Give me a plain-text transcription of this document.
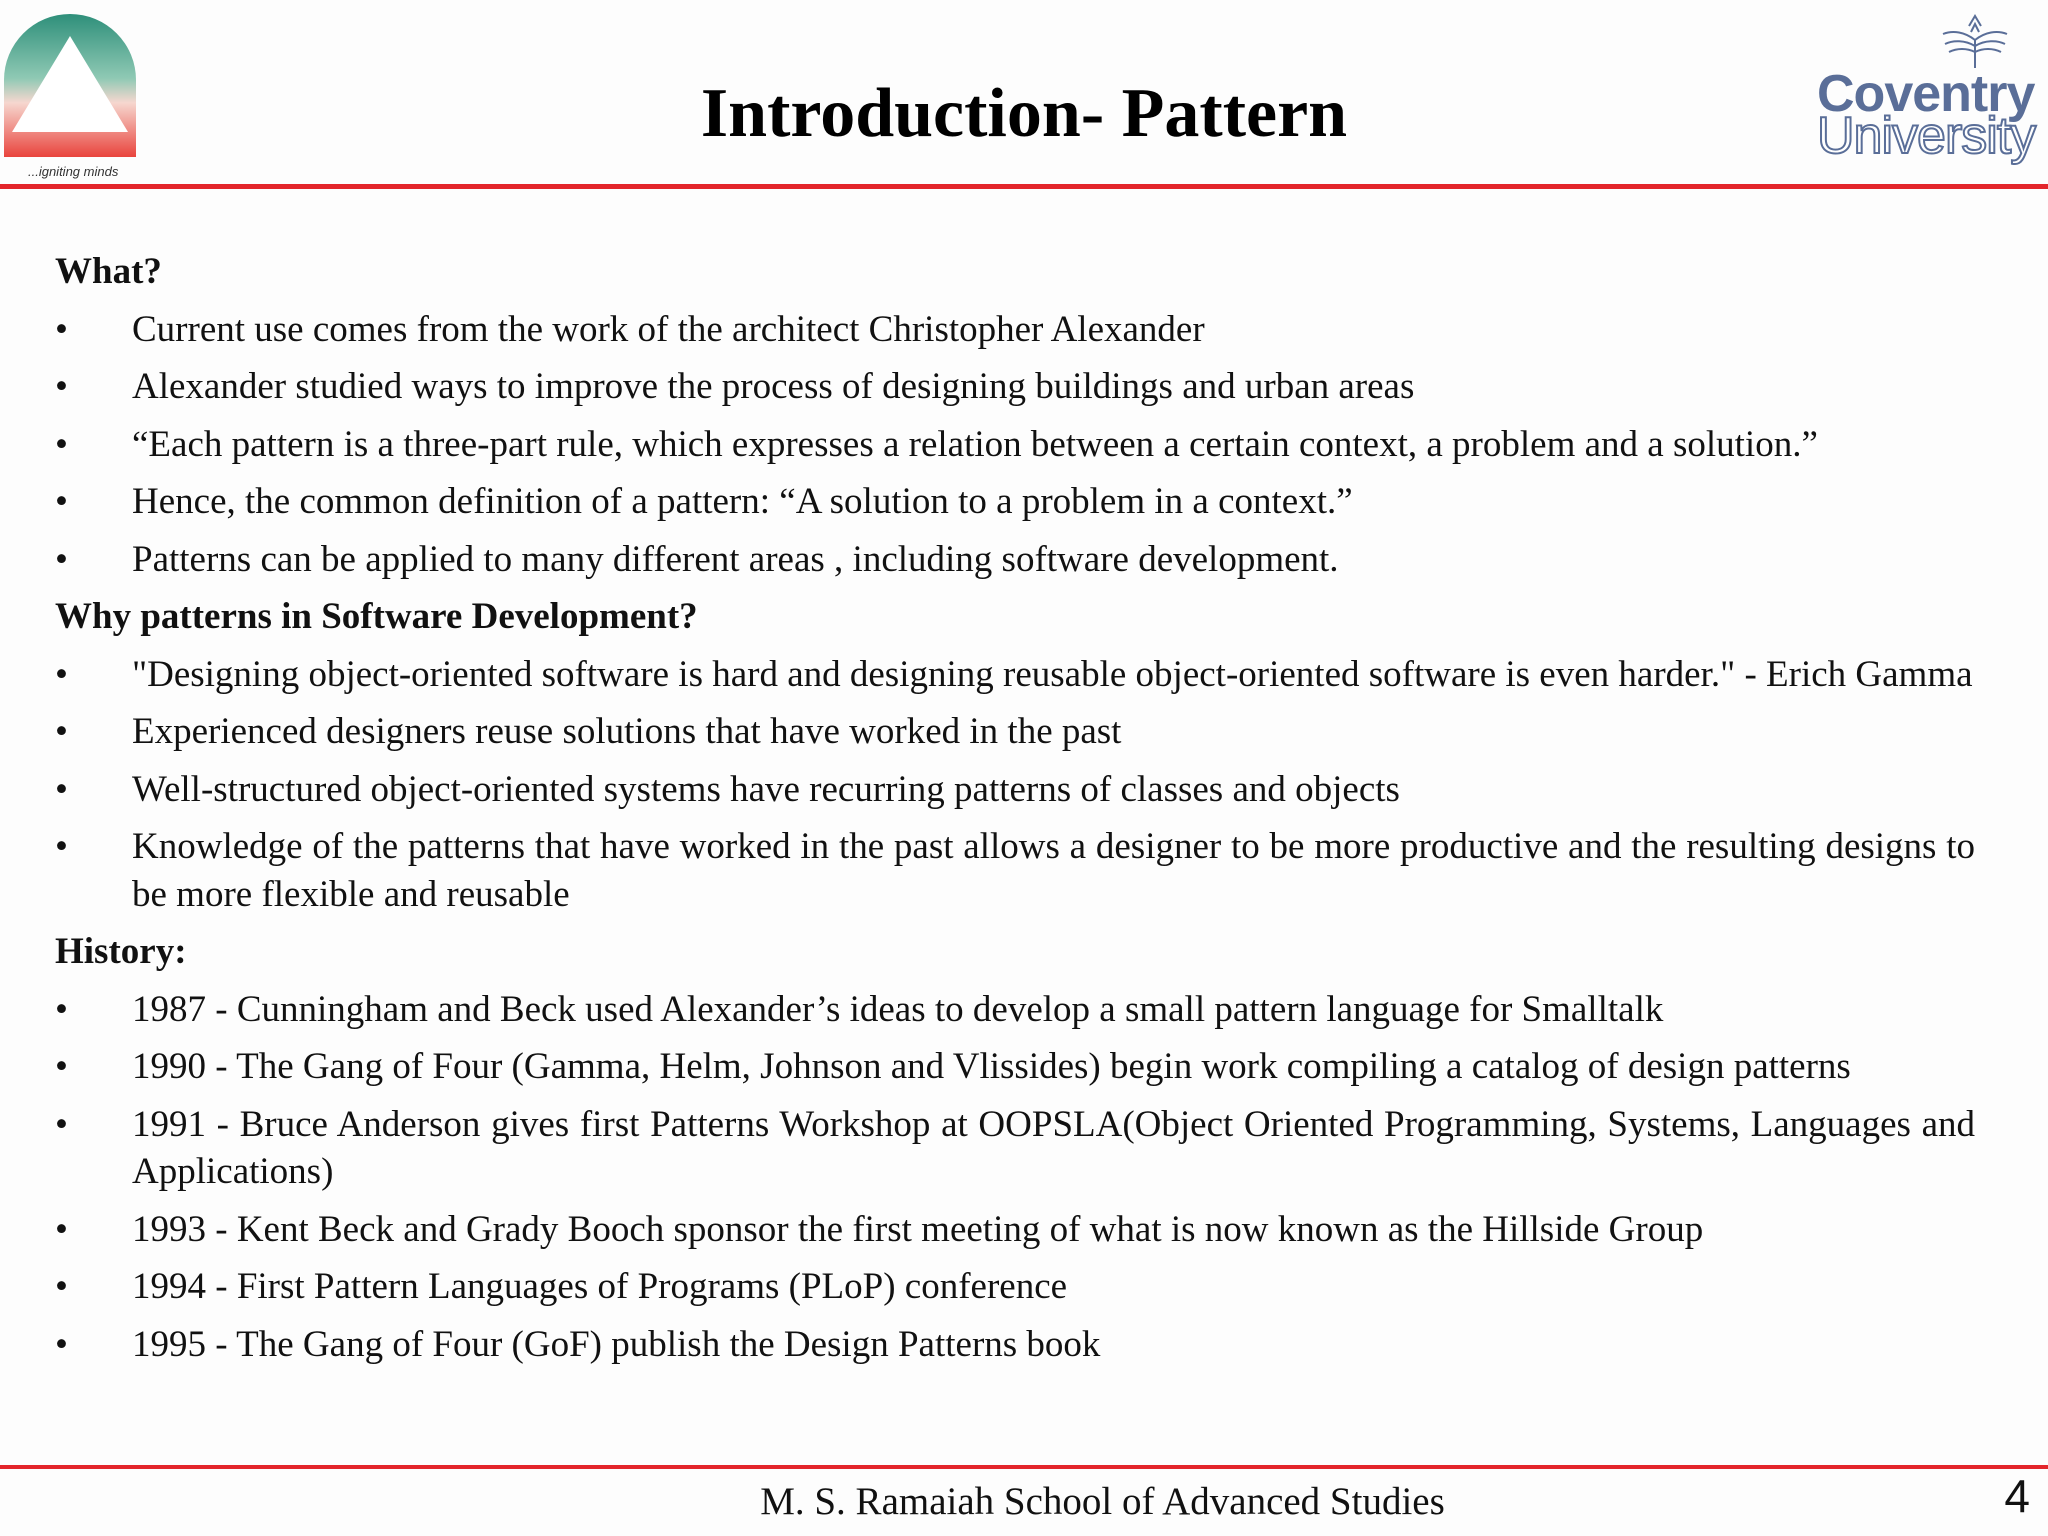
...igniting minds
Introduction- Pattern	Coventry
University
What?
•	Current use comes from the work of the architect Christopher Alexander
•	Alexander studied ways to improve the process of designing buildings and urban areas
•	“Each pattern is a three-part rule, which expresses a relation between a certain context, a problem and a solution.”
•	Hence, the common definition of a pattern: “A solution to a problem in a context.”
•	Patterns can be applied to many different areas , including software development.
Why patterns in Software Development?
•	"Designing object-oriented software is hard and designing reusable object-oriented software is even harder." - Erich Gamma
•	Experienced designers reuse solutions that have worked in the past
•	Well-structured object-oriented systems have recurring patterns of classes and objects
•	Knowledge of the patterns that have worked in the past allows a designer to be more productive and the resulting designs to be more flexible and reusable
History:
•	1987 - Cunningham and Beck used Alexander’s ideas to develop a small pattern language for Smalltalk
•	1990 - The Gang of Four (Gamma, Helm, Johnson and Vlissides) begin work compiling a catalog of design patterns
•	1991 - Bruce Anderson gives first Patterns Workshop at OOPSLA(Object Oriented Programming, Systems, Languages and Applications)
•	1993 - Kent Beck and Grady Booch sponsor the first meeting of what is now known as the Hillside Group
•	1994 - First Pattern Languages of Programs (PLoP) conference
•	1995 - The Gang of Four (GoF) publish the Design Patterns book
M. S. Ramaiah School of Advanced Studies	4
